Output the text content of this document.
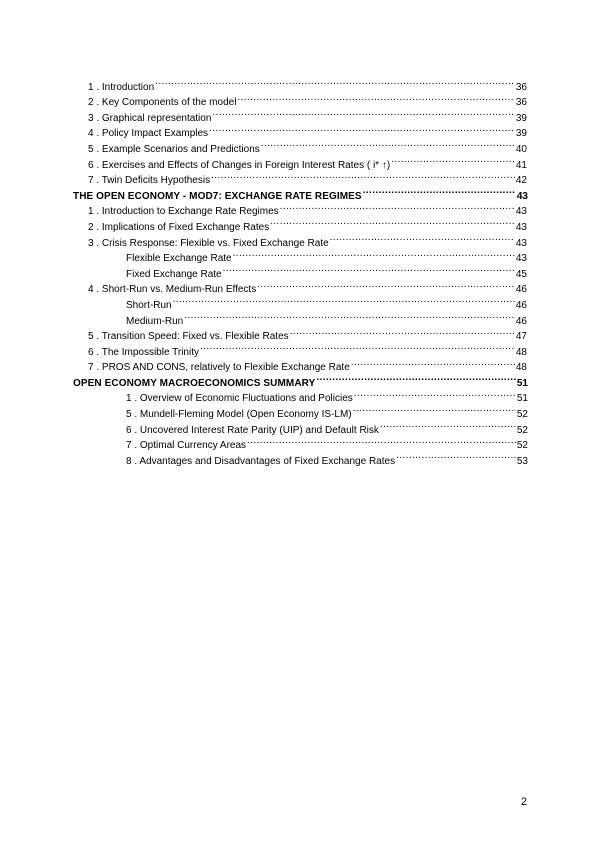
1 . Introduction .....	36
2 . Key Components of the model .....	36
3 . Graphical representation .....	39
4 . Policy Impact Examples .....	39
5 . Example Scenarios and Predictions .....	40
6 . Exercises and Effects of Changes in Foreign Interest Rates ( i* ↑) .....	41
7 . Twin Deficits Hypothesis .....	42
THE OPEN ECONOMY - MOD7: EXCHANGE RATE REGIMES .....	43
1 . Introduction to Exchange Rate Regimes .....	43
2 . Implications of Fixed Exchange Rates .....	43
3 . Crisis Response: Flexible vs. Fixed Exchange Rate .....	43
Flexible Exchange Rate .....	43
Fixed Exchange Rate .....	45
4 . Short-Run vs. Medium-Run Effects .....	46
Short-Run .....	46
Medium-Run .....	46
5 . Transition Speed: Fixed vs. Flexible Rates .....	47
6 . The Impossible Trinity .....	48
7 . PROS AND CONS, relatively to Flexible Exchange Rate .....	48
OPEN ECONOMY MACROECONOMICS SUMMARY .....	51
1 . Overview of Economic Fluctuations and Policies .....	51
5 . Mundell-Fleming Model (Open Economy IS-LM) .....	52
6 . Uncovered Interest Rate Parity (UIP) and Default Risk .....	52
7 . Optimal Currency Areas .....	52
8 . Advantages and Disadvantages of Fixed Exchange Rates .....	53
2
